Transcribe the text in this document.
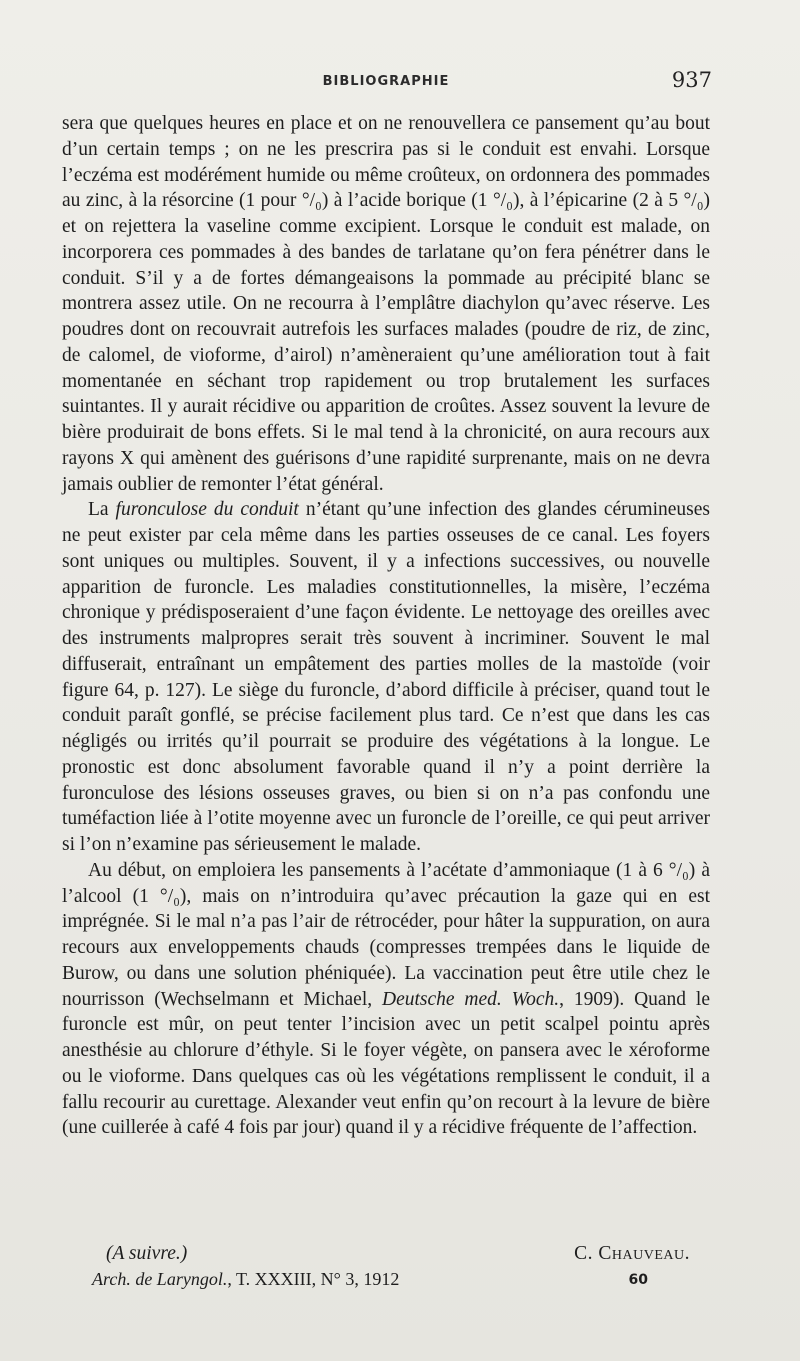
BIBLIOGRAPHIE	937

sera que quelques heures en place et on ne renouvellera ce pansement qu’au bout d’un certain temps ; on ne les prescrira pas si le conduit est envahi. Lorsque l’eczéma est modérément humide ou même croûteux, on ordonnera des pommades au zinc, à la résorcine (1 pour °/₀) à l’acide borique (1 °/₀), à l’épicarine (2 à 5 °/₀) et on rejettera la vaseline comme excipient. Lorsque le conduit est malade, on incorporera ces pommades à des bandes de tarlatane qu’on fera pénétrer dans le conduit. S’il y a de fortes démangeaisons la pommade au précipité blanc se montrera assez utile. On ne recourra à l’emplâtre diachylon qu’avec réserve. Les poudres dont on recouvrait autrefois les surfaces malades (poudre de riz, de zinc, de calomel, de vioforme, d’airol) n’amèneraient qu’une amélioration tout à fait momentanée en séchant trop rapidement ou trop brutalement les surfaces suintantes. Il y aurait récidive ou apparition de croûtes. Assez souvent la levure de bière produirait de bons effets. Si le mal tend à la chronicité, on aura recours aux rayons X qui amènent des guérisons d’une rapidité surprenante, mais on ne devra jamais oublier de remonter l’état général.

La furonculose du conduit n’étant qu’une infection des glandes cérumineuses ne peut exister par cela même dans les parties osseuses de ce canal. Les foyers sont uniques ou multiples. Souvent, il y a infections successives, ou nouvelle apparition de furoncle. Les maladies constitutionnelles, la misère, l’eczéma chronique y prédisposeraient d’une façon évidente. Le nettoyage des oreilles avec des instruments malpropres serait très souvent à incriminer. Souvent le mal diffuserait, entraînant un empâtement des parties molles de la mastoïde (voir figure 64, p. 127). Le siège du furoncle, d’abord difficile à préciser, quand tout le conduit paraît gonflé, se précise facilement plus tard. Ce n’est que dans les cas négligés ou irrités qu’il pourrait se produire des végétations à la longue. Le pronostic est donc absolument favorable quand il n’y a point derrière la furonculose des lésions osseuses graves, ou bien si on n’a pas confondu une tuméfaction liée à l’otite moyenne avec un furoncle de l’oreille, ce qui peut arriver si l’on n’examine pas sérieusement le malade.

Au début, on emploiera les pansements à l’acétate d’ammoniaque (1 à 6 °/₀) à l’alcool (1 °/₀), mais on n’introduira qu’avec précaution la gaze qui en est imprégnée. Si le mal n’a pas l’air de rétrocéder, pour hâter la suppuration, on aura recours aux enveloppements chauds (compresses trempées dans le liquide de Burow, ou dans une solution phéniquée). La vaccination peut être utile chez le nourrisson (Wechselmann et Michael, Deutsche med. Woch., 1909). Quand le furoncle est mûr, on peut tenter l’incision avec un petit scalpel pointu après anesthésie au chlorure d’éthyle. Si le foyer végète, on pansera avec le xéroforme ou le vioforme. Dans quelques cas où les végétations remplissent le conduit, il a fallu recourir au curettage. Alexander veut enfin qu’on recourt à la levure de bière (une cuillerée à café 4 fois par jour) quand il y a récidive fréquente de l’affection.

(A suivre.)	C. Chauveau.
Arch. de Laryngol., T. XXXIII, N° 3, 1912	60
